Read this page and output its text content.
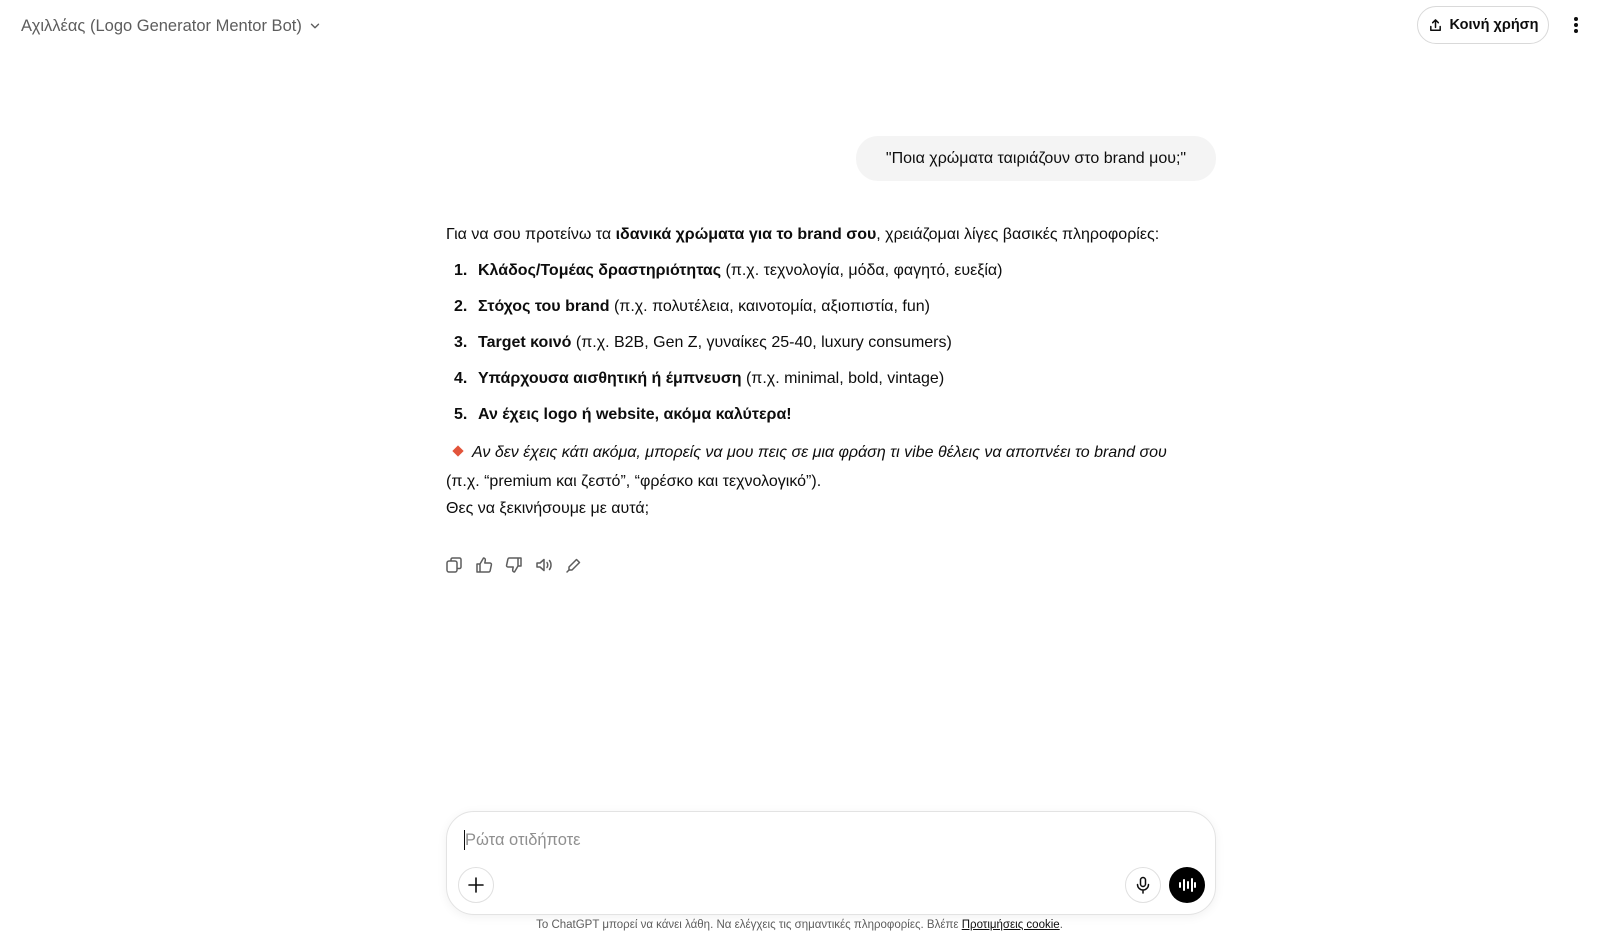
Αχιλλέας (Logo Generator Mentor Bot)	Κοινή χρήση
"Ποια χρώματα ταιριάζουν στο brand μου;"

Για να σου προτείνω τα ιδανικά χρώματα για το brand σου, χρειάζομαι λίγες βασικές πληροφορίες:

1. Κλάδος/Τομέας δραστηριότητας (π.χ. τεχνολογία, μόδα, φαγητό, ευεξία)
2. Στόχος του brand (π.χ. πολυτέλεια, καινοτομία, αξιοπιστία, fun)
3. Target κοινό (π.χ. B2B, Gen Z, γυναίκες 25-40, luxury consumers)
4. Υπάρχουσα αισθητική ή έμπνευση (π.χ. minimal, bold, vintage)
5. Αν έχεις logo ή website, ακόμα καλύτερα!

Αν δεν έχεις κάτι ακόμα, μπορείς να μου πεις σε μια φράση τι vibe θέλεις να αποπνέει το brand σου
(π.χ. “premium και ζεστό”, “φρέσκο και τεχνολογικό”).

Θες να ξεκινήσουμε με αυτά;

Ρώτα οτιδήποτε
Το ChatGPT μπορεί να κάνει λάθη. Να ελέγχεις τις σημαντικές πληροφορίες. Βλέπε Προτιμήσεις cookie.
